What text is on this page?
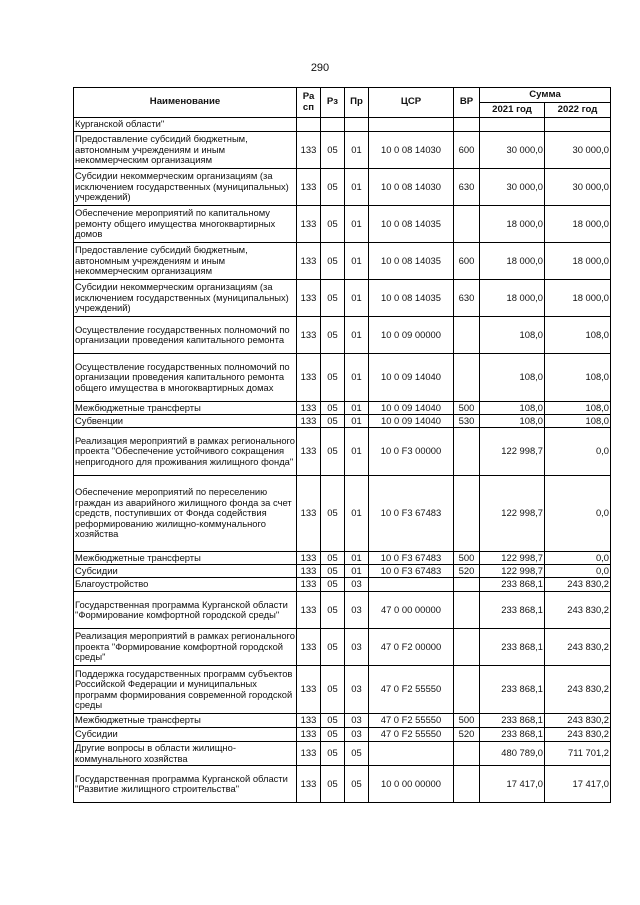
290
Наименование	Ра сп	Рз	Пр	ЦСР	ВР	Сумма	
						2021 год	2022 год
Курганской области"							
Предоставление субсидий бюджетным, автономным учреждениям и иным некоммерческим организациям	133	05	01	10 0 08 14030	600	30 000,0	30 000,0
Субсидии некоммерческим организациям (за исключением государственных (муниципальных) учреждений)	133	05	01	10 0 08 14030	630	30 000,0	30 000,0
Обеспечение мероприятий по капитальному ремонту общего имущества многоквартирных домов	133	05	01	10 0 08 14035		18 000,0	18 000,0
Предоставление субсидий бюджетным, автономным учреждениям и иным некоммерческим организациям	133	05	01	10 0 08 14035	600	18 000,0	18 000,0
Субсидии некоммерческим организациям (за исключением государственных (муниципальных) учреждений)	133	05	01	10 0 08 14035	630	18 000,0	18 000,0
Осуществление государственных полномочий по организации проведения капитального ремонта	133	05	01	10 0 09 00000		108,0	108,0
Осуществление государственных полномочий по организации проведения капитального ремонта общего имущества в многоквартирных домах	133	05	01	10 0 09 14040		108,0	108,0
Межбюджетные трансферты	133	05	01	10 0 09 14040	500	108,0	108,0
Субвенции	133	05	01	10 0 09 14040	530	108,0	108,0
Реализация мероприятий в рамках регионального проекта "Обеспечение устойчивого сокращения непригодного для проживания жилищного фонда"	133	05	01	10 0 F3 00000		122 998,7	0,0
Обеспечение мероприятий по переселению граждан из аварийного жилищного фонда за счет средств, поступивших от Фонда содействия реформированию жилищно-коммунального хозяйства	133	05	01	10 0 F3 67483		122 998,7	0,0
Межбюджетные трансферты	133	05	01	10 0 F3 67483	500	122 998,7	0,0
Субсидии	133	05	01	10 0 F3 67483	520	122 998,7	0,0
Благоустройство	133	05	03			233 868,1	243 830,2
Государственная программа Курганской области "Формирование комфортной городской среды"	133	05	03	47 0 00 00000		233 868,1	243 830,2
Реализация мероприятий в рамках регионального проекта "Формирование комфортной городской среды"	133	05	03	47 0 F2 00000		233 868,1	243 830,2
Поддержка государственных программ субъектов Российской Федерации и муниципальных программ формирования современной городской среды	133	05	03	47 0 F2 55550		233 868,1	243 830,2
Межбюджетные трансферты	133	05	03	47 0 F2 55550	500	233 868,1	243 830,2
Субсидии	133	05	03	47 0 F2 55550	520	233 868,1	243 830,2
Другие вопросы в области жилищно-коммунального хозяйства	133	05	05			480 789,0	711 701,2
Государственная программа Курганской области "Развитие жилищного строительства"	133	05	05	10 0 00 00000		17 417,0	17 417,0
